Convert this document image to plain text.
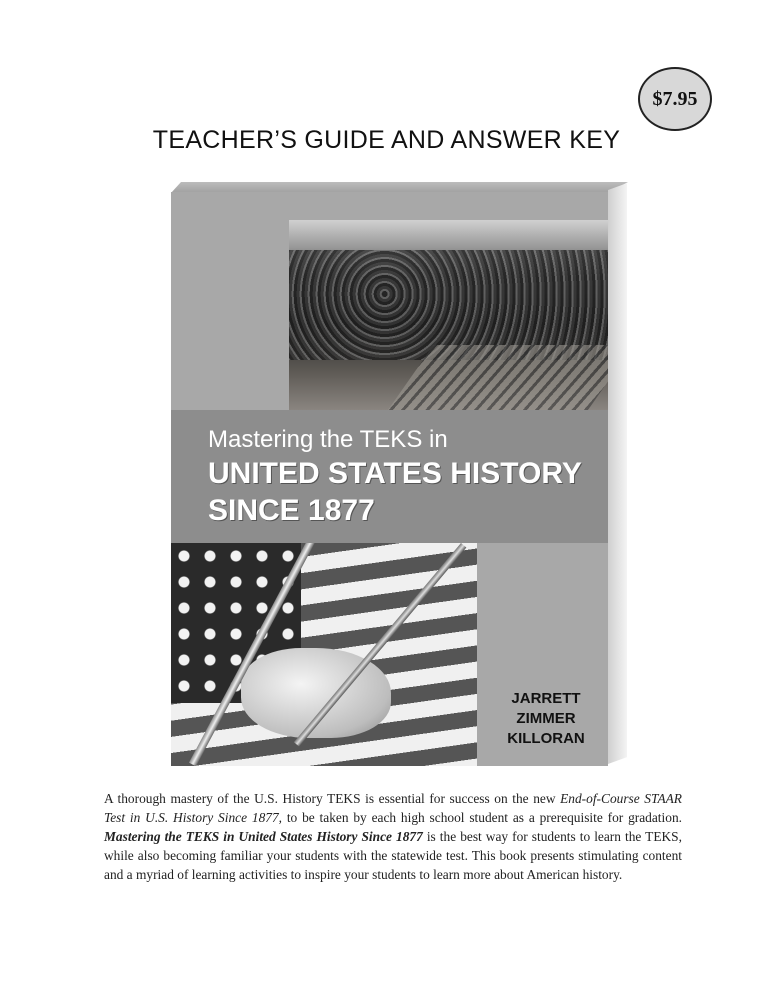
$7.95
TEACHER’S GUIDE AND ANSWER KEY
Mastering the TEKS in
UNITED STATES HISTORY
SINCE 1877
JARRETT
ZIMMER
KILLORAN
A thorough mastery of the U.S. History TEKS is essential for success on the new End-of-Course STAAR Test in U.S. History Since 1877, to be taken by each high school student as a prerequisite for gradation. Mastering the TEKS in United States History Since 1877 is the best way for students to learn the TEKS, while also becoming familiar your students with the statewide test. This book presents stimulating content and a myriad of learning activities to inspire your students to learn more about American history.
